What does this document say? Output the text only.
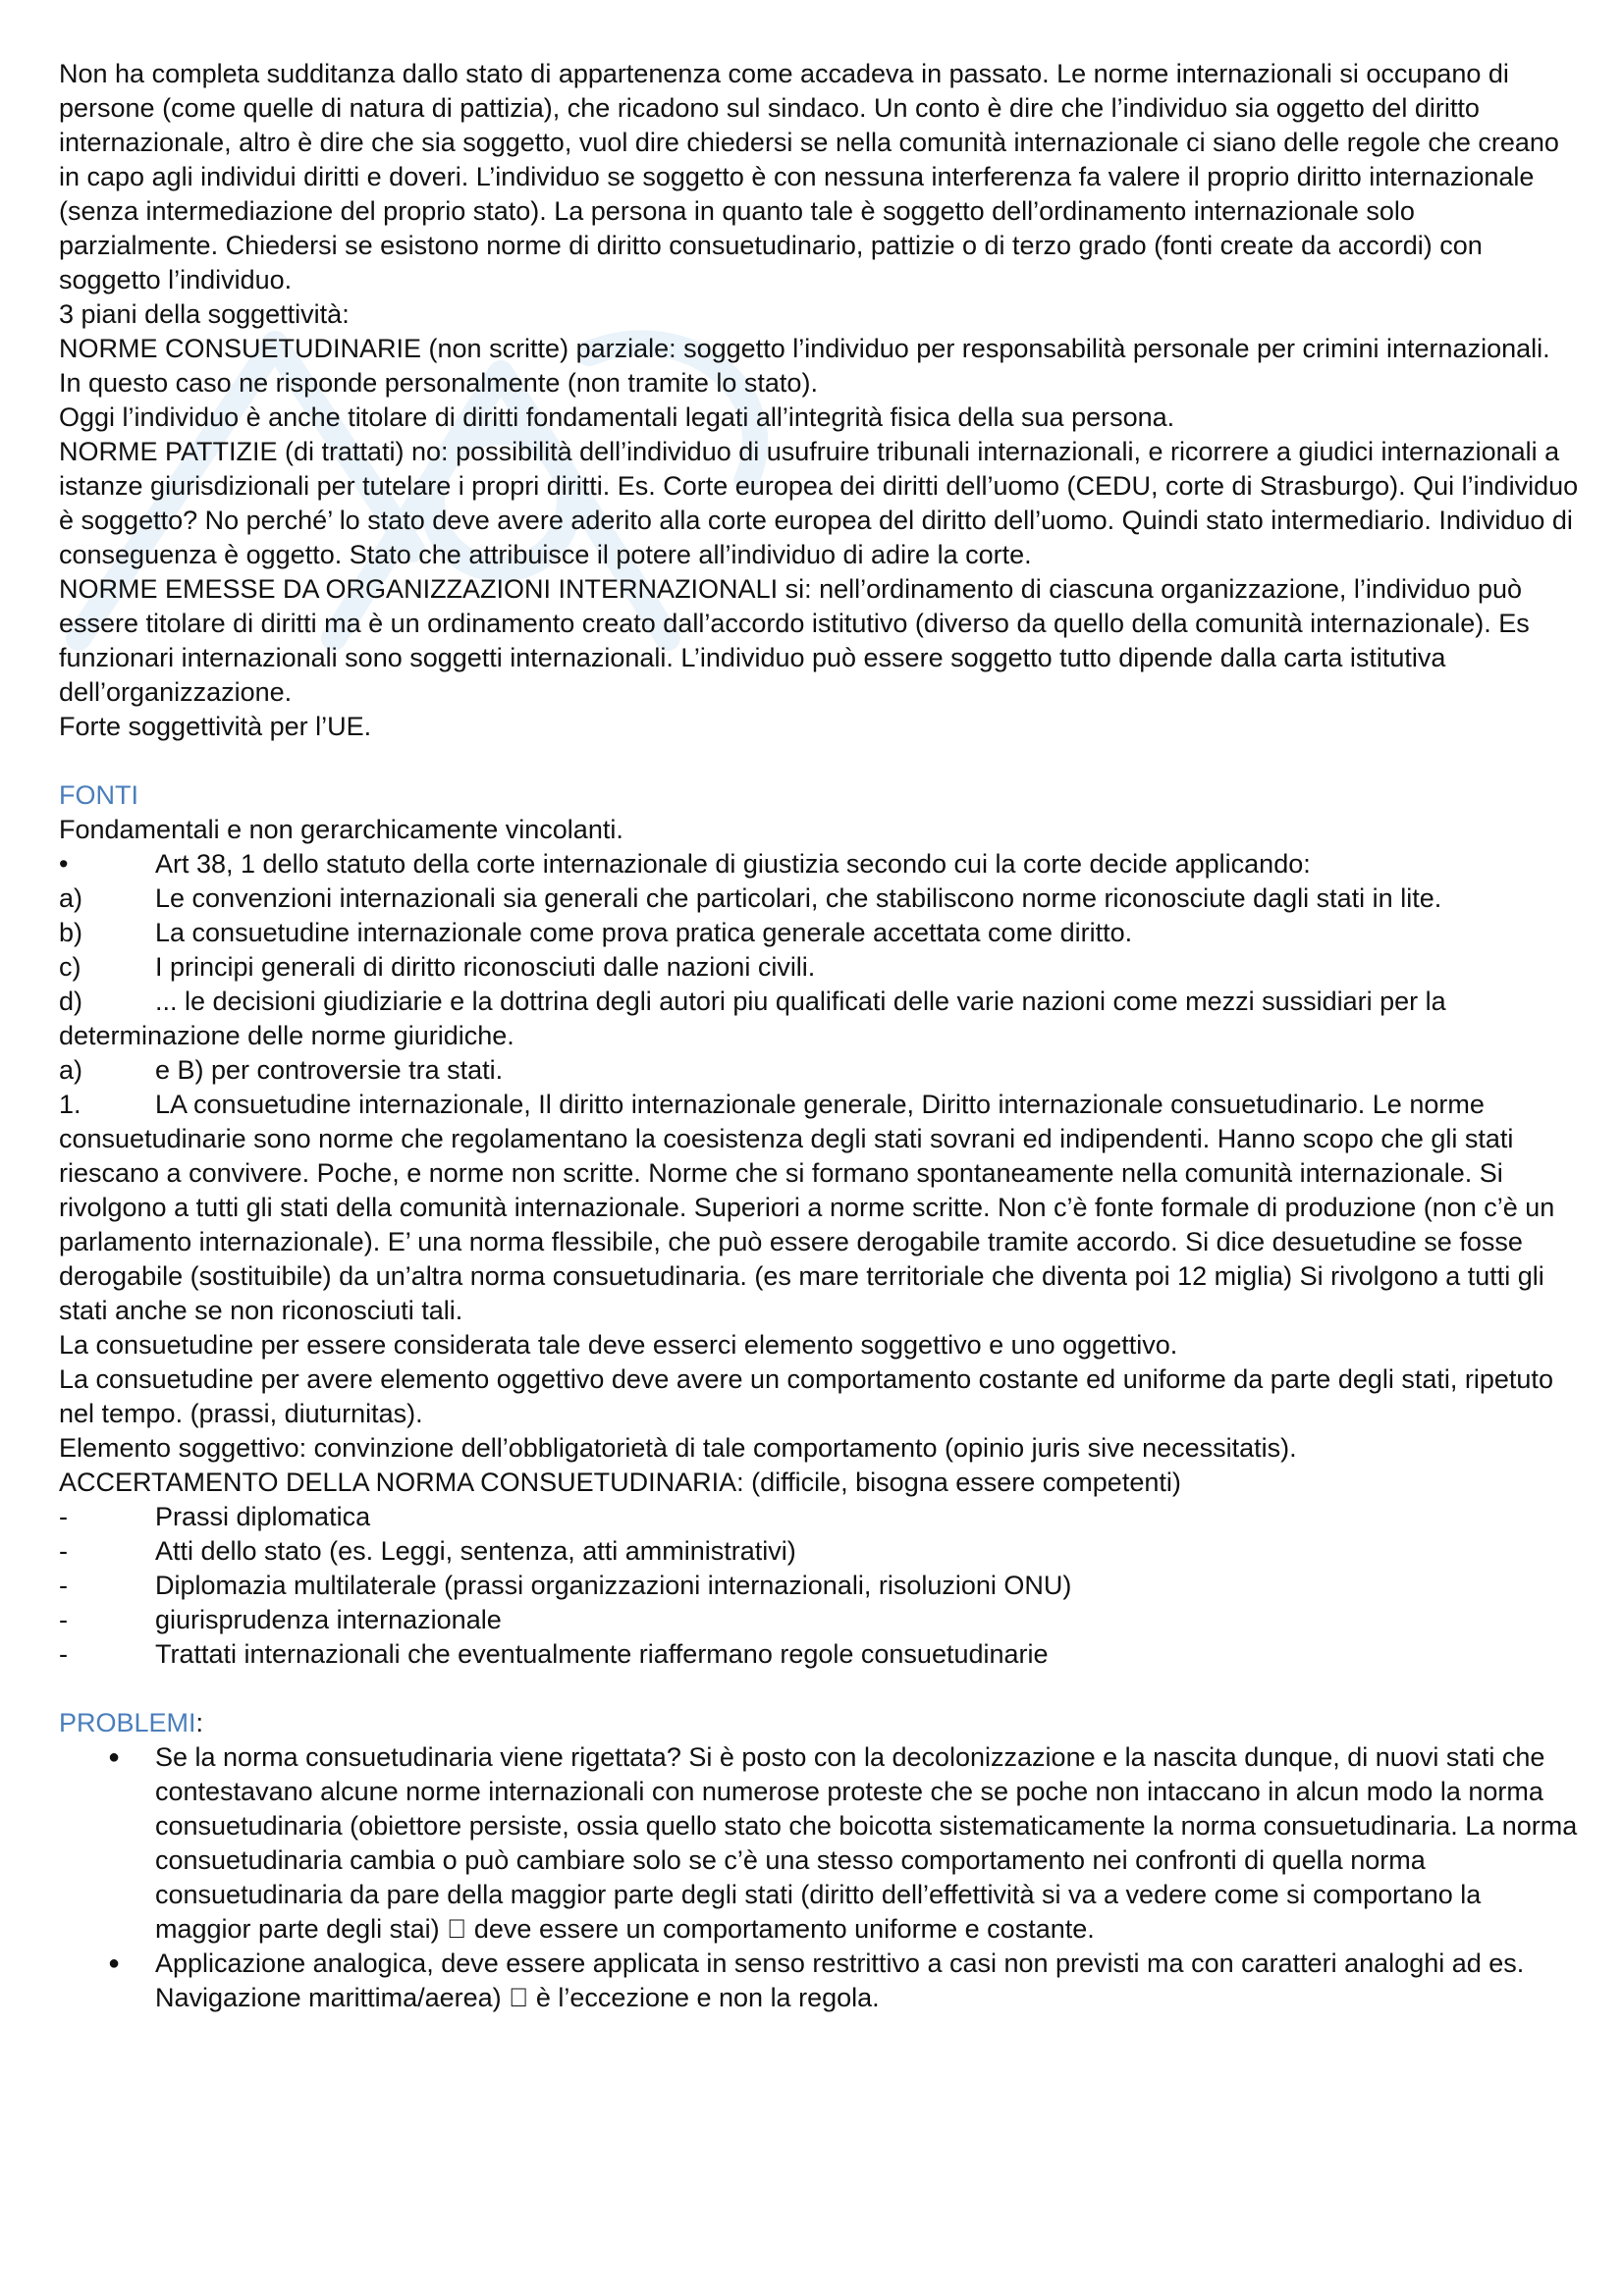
Non ha completa sudditanza dallo stato di appartenenza come accadeva in passato. Le norme internazionali si occupano di persone (come quelle di natura di pattizia), che ricadono sul sindaco. Un conto è dire che l’individuo sia oggetto del diritto internazionale, altro è dire che sia soggetto, vuol dire chiedersi se nella comunità internazionale ci siano delle regole che creano in capo agli individui diritti e doveri. L’individuo se soggetto è con nessuna interferenza fa valere il proprio diritto internazionale (senza intermediazione del proprio stato). La persona in quanto tale è soggetto dell’ordinamento internazionale solo parzialmente. Chiedersi se esistono norme di diritto consuetudinario, pattizie o di terzo grado (fonti create da accordi) con soggetto l’individuo.

3 piani della soggettività:

NORME CONSUETUDINARIE (non scritte) parziale: soggetto l’individuo per responsabilità personale per crimini internazionali. In questo caso ne risponde personalmente (non tramite lo stato).

Oggi l’individuo è anche titolare di diritti fondamentali legati all’integrità fisica della sua persona.

NORME PATTIZIE (di trattati) no: possibilità dell’individuo di usufruire tribunali internazionali, e ricorrere a giudici internazionali a istanze giurisdizionali per tutelare i propri diritti. Es. Corte europea dei diritti dell’uomo (CEDU, corte di Strasburgo). Qui l’individuo è soggetto? No perché’ lo stato deve avere aderito alla corte europea del diritto dell’uomo. Quindi stato intermediario. Individuo di conseguenza è oggetto. Stato che attribuisce il potere all’individuo di adire la corte.

NORME EMESSE DA ORGANIZZAZIONI INTERNAZIONALI si: nell’ordinamento di ciascuna organizzazione, l’individuo può essere titolare di diritti ma è un ordinamento creato dall’accordo istitutivo (diverso da quello della comunità internazionale). Es funzionari internazionali sono soggetti internazionali. L’individuo può essere soggetto tutto dipende dalla carta istitutiva dell’organizzazione.

Forte soggettività per l’UE.

FONTI

Fondamentali e non gerarchicamente vincolanti.

•	Art 38, 1 dello statuto della corte internazionale di giustizia secondo cui la corte decide applicando:

a)	Le convenzioni internazionali sia generali che particolari, che stabiliscono norme riconosciute dagli stati in lite.

b)	La consuetudine internazionale come prova pratica generale accettata come diritto.

c)	I principi generali di diritto riconosciuti dalle nazioni civili.

d)	... le decisioni giudiziarie e la dottrina degli autori piu qualificati delle varie nazioni come mezzi sussidiari per la determinazione delle norme giuridiche.

a)	e B) per controversie tra stati.

1.	LA consuetudine internazionale, Il diritto internazionale generale, Diritto internazionale consuetudinario. Le norme consuetudinarie sono norme che regolamentano la coesistenza degli stati sovrani ed indipendenti. Hanno scopo che gli stati riescano a convivere. Poche, e norme non scritte. Norme che si formano spontaneamente nella comunità internazionale. Si rivolgono a tutti gli stati della comunità internazionale. Superiori a norme scritte. Non c’è fonte formale di produzione (non c’è un parlamento internazionale). E’ una norma flessibile, che può essere derogabile tramite accordo. Si dice desuetudine se fosse derogabile (sostituibile) da un’altra norma consuetudinaria. (es mare territoriale che diventa poi 12 miglia) Si rivolgono a tutti gli stati anche se non riconosciuti tali.

La consuetudine per essere considerata tale deve esserci elemento soggettivo e uno oggettivo.

La consuetudine per avere elemento oggettivo deve avere un comportamento costante ed uniforme da parte degli stati, ripetuto nel tempo. (prassi, diuturnitas).

Elemento soggettivo: convinzione dell’obbligatorietà di tale comportamento (opinio juris sive necessitatis).

ACCERTAMENTO DELLA NORMA CONSUETUDINARIA: (difficile, bisogna essere competenti)

-	Prassi diplomatica
-	Atti dello stato (es. Leggi, sentenza, atti amministrativi)
-	Diplomazia multilaterale (prassi organizzazioni internazionali, risoluzioni ONU)
-	giurisprudenza internazionale
-	Trattati internazionali che eventualmente riaffermano regole consuetudinarie

PROBLEMI:

● Se la norma consuetudinaria viene rigettata? Si è posto con la decolonizzazione e la nascita dunque, di nuovi stati che contestavano alcune norme internazionali con numerose proteste che se poche non intaccano in alcun modo la norma consuetudinaria (obiettore persiste, ossia quello stato che boicotta sistematicamente la norma consuetudinaria. La norma consuetudinaria cambia o può cambiare solo se c’è una stesso comportamento nei confronti di quella norma consuetudinaria da pare della maggior parte degli stati (diritto dell’effettività si va a vedere come si comportano la maggior parte degli stai) deve essere un comportamento uniforme e costante.
● Applicazione analogica, deve essere applicata in senso restrittivo a casi non previsti ma con caratteri analoghi ad es. Navigazione marittima/aerea) è l’eccezione e non la regola.
